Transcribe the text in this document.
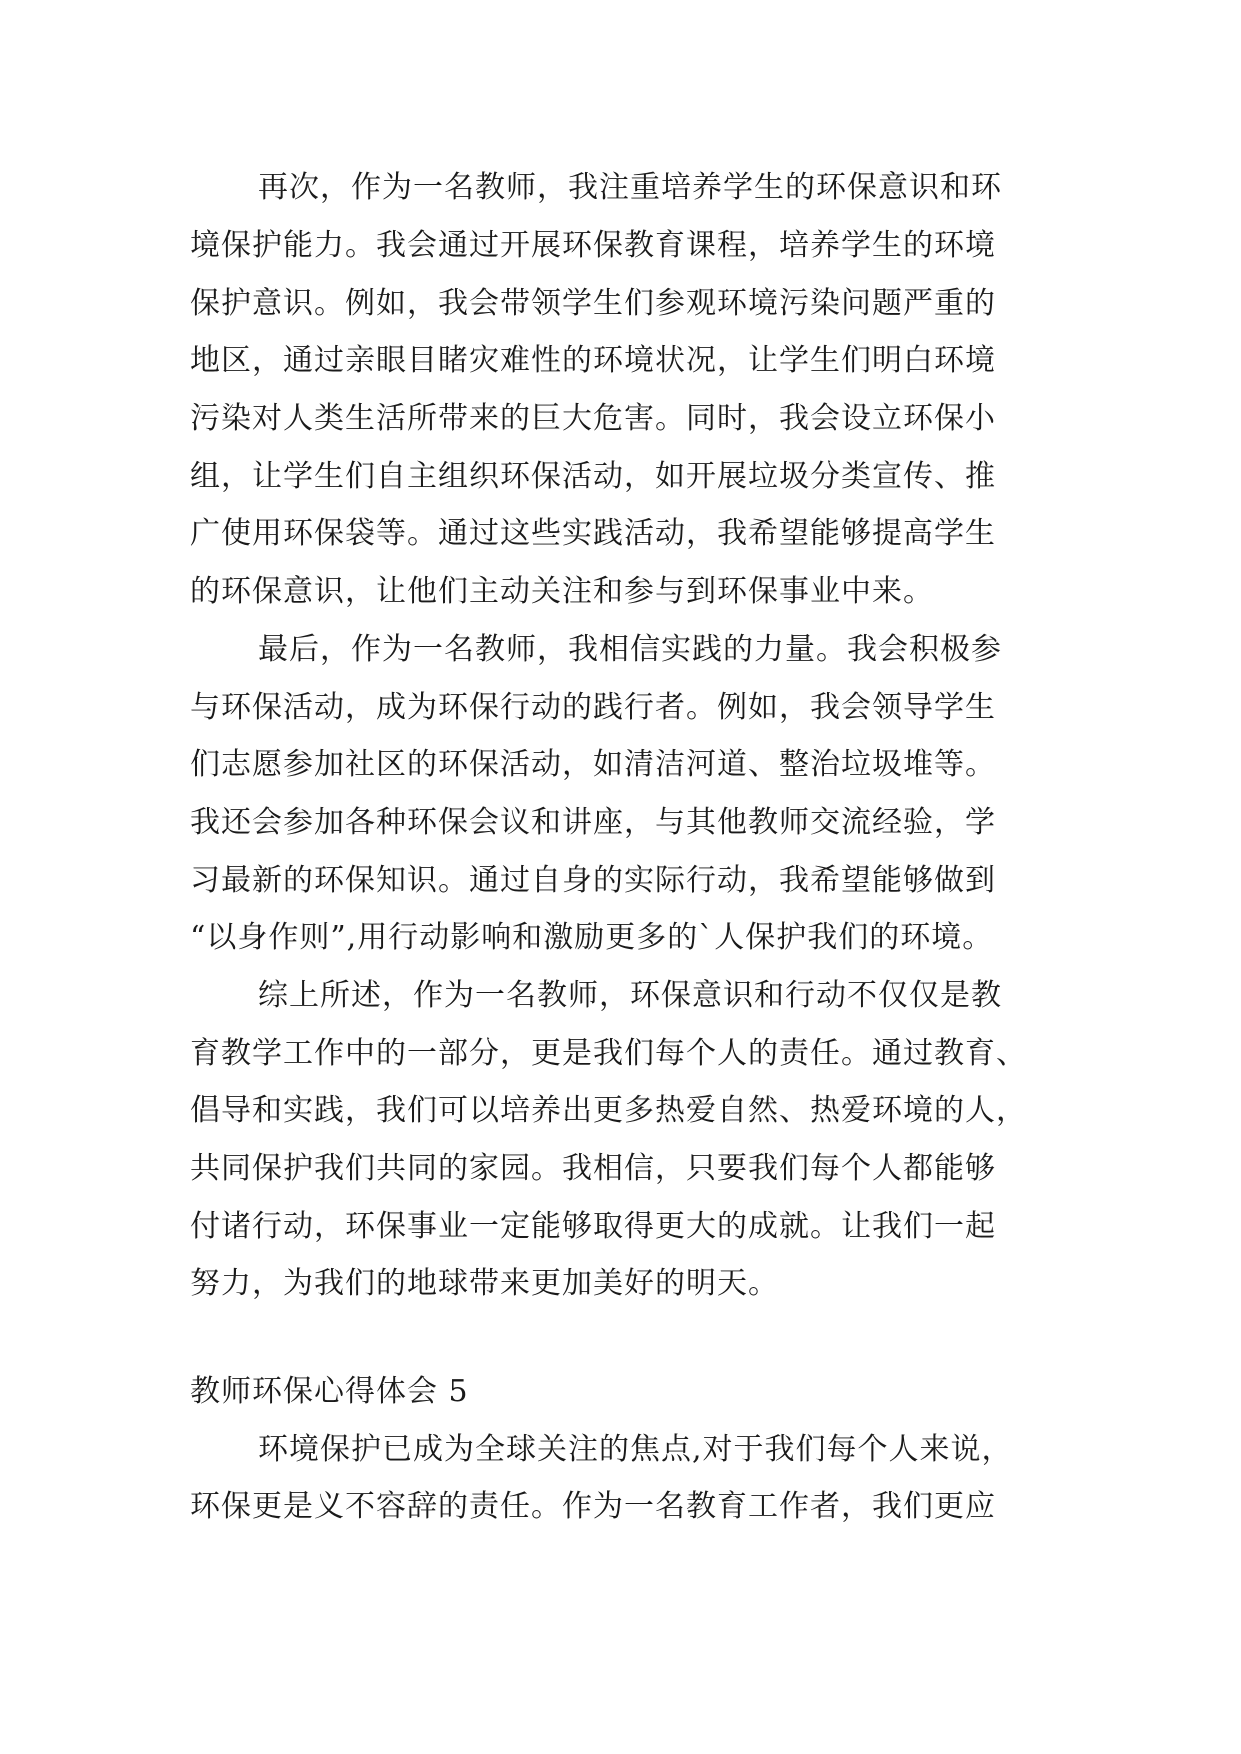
再次，作为一名教师，我注重培养学生的环保意识和环
境保护能力。我会通过开展环保教育课程，培养学生的环境
保护意识。例如，我会带领学生们参观环境污染问题严重的
地区，通过亲眼目睹灾难性的环境状况，让学生们明白环境
污染对人类生活所带来的巨大危害。同时，我会设立环保小
组，让学生们自主组织环保活动，如开展垃圾分类宣传、推
广使用环保袋等。通过这些实践活动，我希望能够提高学生
的环保意识，让他们主动关注和参与到环保事业中来。
最后，作为一名教师，我相信实践的力量。我会积极参
与环保活动，成为环保行动的践行者。例如，我会领导学生
们志愿参加社区的环保活动，如清洁河道、整治垃圾堆等。
我还会参加各种环保会议和讲座，与其他教师交流经验，学
习最新的环保知识。通过自身的实际行动，我希望能够做到
“以身作则”,用行动影响和激励更多的`人保护我们的环境。
综上所述，作为一名教师，环保意识和行动不仅仅是教
育教学工作中的一部分，更是我们每个人的责任。通过教育、
倡导和实践，我们可以培养出更多热爱自然、热爱环境的人，
共同保护我们共同的家园。我相信，只要我们每个人都能够
付诸行动，环保事业一定能够取得更大的成就。让我们一起
努力，为我们的地球带来更加美好的明天。
教师环保心得体会 5
环境保护已成为全球关注的焦点,对于我们每个人来说，
环保更是义不容辞的责任。作为一名教育工作者，我们更应
